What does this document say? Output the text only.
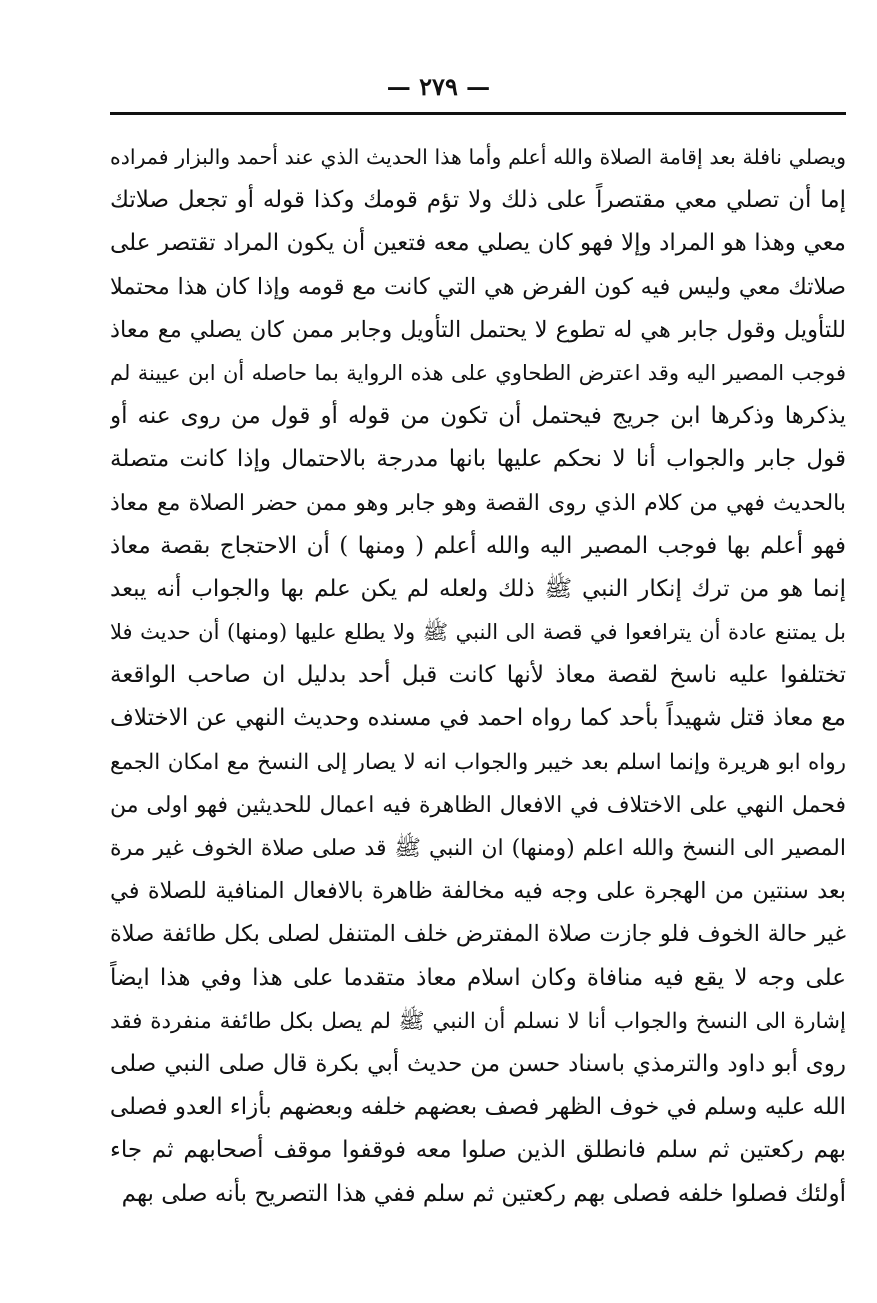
— ٢٧٩ —
ويصلي نافلة بعد إقامة الصلاة والله أعلم وأما هذا الحديث الذي عند أحمد والبزار فمراده
إما أن تصلي معي مقتصراً على ذلك ولا تؤم قومك وكذا قوله أو تجعل صلاتك
معي وهذا هو المراد وإلا فهو كان يصلي معه فتعين أن يكون المراد تقتصر على
صلاتك معي وليس فيه كون الفرض هي التي كانت مع قومه وإذا كان هذا محتملا
للتأويل وقول جابر هي له تطوع لا يحتمل التأويل وجابر ممن كان يصلي مع معاذ
فوجب المصير اليه وقد اعترض الطحاوي على هذه الرواية بما حاصله أن ابن عيينة لم
يذكرها وذكرها ابن جريج فيحتمل أن تكون من قوله أو قول من روى عنه أو
قول جابر والجواب أنا لا نحكم عليها بانها مدرجة بالاحتمال وإذا كانت متصلة
بالحديث فهي من كلام الذي روى القصة وهو جابر وهو ممن حضر الصلاة مع معاذ
فهو أعلم بها فوجب المصير اليه والله أعلم ( ومنها ) أن الاحتجاج بقصة معاذ
إنما هو من ترك إنكار النبي ﷺ ذلك ولعله لم يكن علم بها والجواب أنه يبعد
بل يمتنع عادة أن يترافعوا في قصة الى النبي ﷺ ولا يطلع عليها (ومنها) أن حديث فلا
تختلفوا عليه ناسخ لقصة معاذ لأنها كانت قبل أحد بدليل ان صاحب الواقعة
مع معاذ قتل شهيداً بأحد كما رواه احمد في مسنده وحديث النهي عن الاختلاف
رواه ابو هريرة وإنما اسلم بعد خيبر والجواب انه لا يصار إلى النسخ مع امكان الجمع
فحمل النهي على الاختلاف في الافعال الظاهرة فيه اعمال للحديثين فهو اولى من
المصير الى النسخ والله اعلم (ومنها) ان النبي ﷺ قد صلى صلاة الخوف غير مرة
بعد سنتين من الهجرة على وجه فيه مخالفة ظاهرة بالافعال المنافية للصلاة في
غير حالة الخوف فلو جازت صلاة المفترض خلف المتنفل لصلى بكل طائفة صلاة
على وجه لا يقع فيه منافاة وكان اسلام معاذ متقدما على هذا وفي هذا ايضاً
إشارة الى النسخ والجواب أنا لا نسلم أن النبي ﷺ لم يصل بكل طائفة منفردة فقد
روى أبو داود والترمذي باسناد حسن من حديث أبي بكرة قال صلى النبي صلى
الله عليه وسلم في خوف الظهر فصف بعضهم خلفه وبعضهم بأزاء العدو فصلى
بهم ركعتين ثم سلم فانطلق الذين صلوا معه فوقفوا موقف أصحابهم ثم جاء
أولئك فصلوا خلفه فصلى بهم ركعتين ثم سلم ففي هذا التصريح بأنه صلى بهم
